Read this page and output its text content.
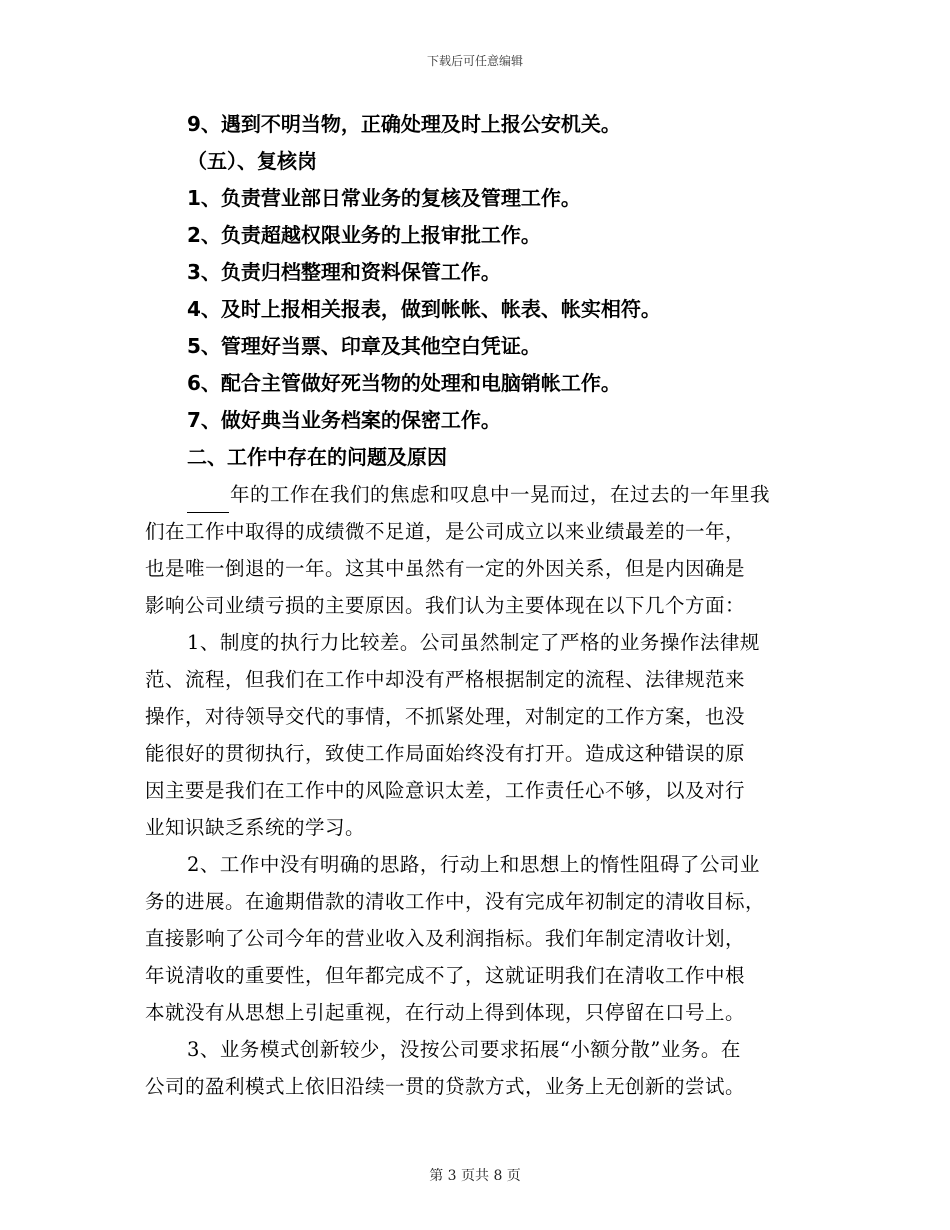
下载后可任意编辑
9、遇到不明当物，正确处理及时上报公安机关。
（五）、复核岗
1、负责营业部日常业务的复核及管理工作。
2、负责超越权限业务的上报审批工作。
3、负责归档整理和资料保管工作。
4、及时上报相关报表，做到帐帐、帐表、帐实相符。
5、管理好当票、印章及其他空白凭证。
6、配合主管做好死当物的处理和电脑销帐工作。
7、做好典当业务档案的保密工作。
二、工作中存在的问题及原因
年的工作在我们的焦虑和叹息中一晃而过，在过去的一年里我
们在工作中取得的成绩微不足道，是公司成立以来业绩最差的一年，
也是唯一倒退的一年。这其中虽然有一定的外因关系，但是内因确是
影响公司业绩亏损的主要原因。我们认为主要体现在以下几个方面：
1、制度的执行力比较差。公司虽然制定了严格的业务操作法律规
范、流程，但我们在工作中却没有严格根据制定的流程、法律规范来
操作，对待领导交代的事情，不抓紧处理，对制定的工作方案，也没
能很好的贯彻执行，致使工作局面始终没有打开。造成这种错误的原
因主要是我们在工作中的风险意识太差，工作责任心不够，以及对行
业知识缺乏系统的学习。
2、工作中没有明确的思路，行动上和思想上的惰性阻碍了公司业
务的进展。在逾期借款的清收工作中，没有完成年初制定的清收目标，
直接影响了公司今年的营业收入及利润指标。我们年制定清收计划，
年说清收的重要性，但年都完成不了，这就证明我们在清收工作中根
本就没有从思想上引起重视，在行动上得到体现，只停留在口号上。
3、业务模式创新较少，没按公司要求拓展“小额分散”业务。在
公司的盈利模式上依旧沿续一贯的贷款方式，业务上无创新的尝试。
第 3 页共 8 页
